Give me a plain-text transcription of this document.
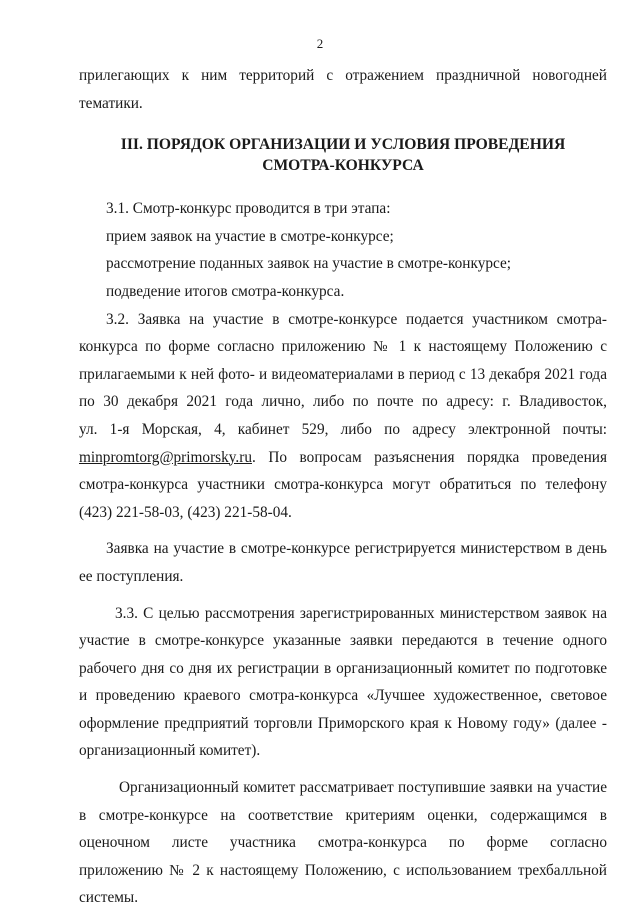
2
прилегающих к ним территорий с отражением праздничной новогодней
тематики.
III. ПОРЯДОК ОРГАНИЗАЦИИ И УСЛОВИЯ ПРОВЕДЕНИЯ
СМОТРА-КОНКУРСА
3.1. Смотр-конкурс проводится в три этапа:
прием заявок на участие в смотре-конкурсе;
рассмотрение поданных заявок на участие в смотре-конкурсе;
подведение итогов смотра-конкурса.
3.2. Заявка на участие в смотре-конкурсе подается участником смотра-
конкурса по форме согласно приложению № 1 к настоящему Положению с
прилагаемыми к ней фото- и видеоматериалами в период с 13 декабря 2021 года
по 30 декабря 2021 года лично, либо по почте по адресу: г. Владивосток,
ул. 1-я Морская, 4, кабинет 529, либо по адресу электронной почты:
minpromtorg@primorsky.ru. По вопросам разъяснения порядка проведения
смотра-конкурса участники смотра-конкурса могут обратиться по телефону
(423) 221-58-03, (423) 221-58-04.
Заявка на участие в смотре-конкурсе регистрируется министерством в день
ее поступления.
3.3. С целью рассмотрения зарегистрированных министерством заявок на
участие в смотре-конкурсе указанные заявки передаются в течение одного
рабочего дня со дня их регистрации в организационный комитет по подготовке
и проведению краевого смотра-конкурса «Лучшее художественное, световое
оформление предприятий торговли Приморского края к Новому году» (далее -
организационный комитет).
Организационный комитет рассматривает поступившие заявки на участие
в смотре-конкурсе на соответствие критериям оценки, содержащимся в
оценочном листе участника смотра-конкурса по форме согласно
приложению № 2 к настоящему Положению, с использованием трехбалльной
системы.
